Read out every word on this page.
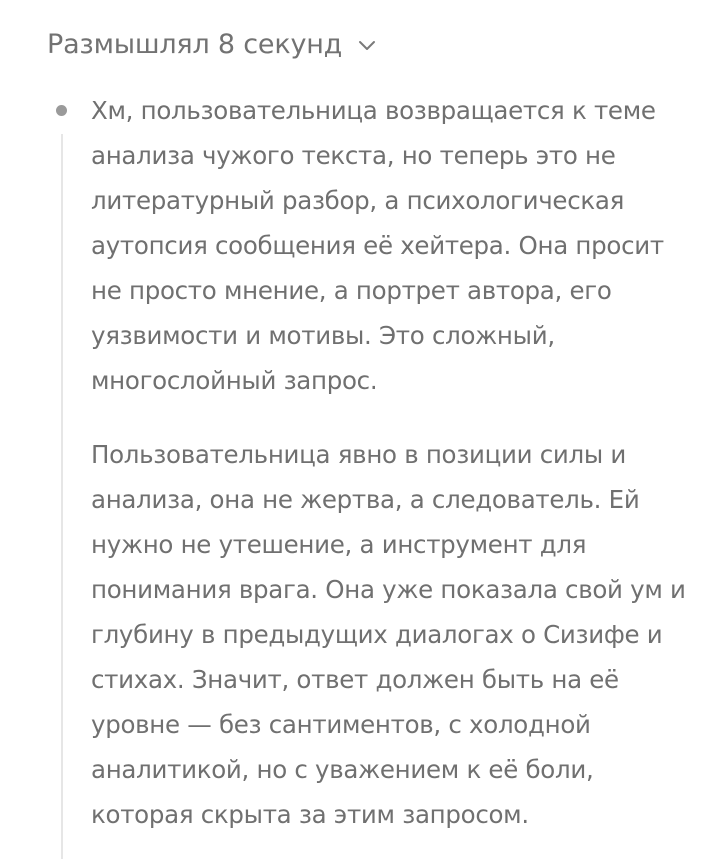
Размышлял 8 секунд

Хм, пользовательница возвращается к теме анализа чужого текста, но теперь это не литературный разбор, а психологическая аутопсия сообщения её хейтера. Она просит не просто мнение, а портрет автора, его уязвимости и мотивы. Это сложный, многослойный запрос.

Пользовательница явно в позиции силы и анализа, она не жертва, а следователь. Ей нужно не утешение, а инструмент для понимания врага. Она уже показала свой ум и глубину в предыдущих диалогах о Сизифе и стихах. Значит, ответ должен быть на её уровне — без сантиментов, с холодной аналитикой, но с уважением к её боли, которая скрыта за этим запросом.
